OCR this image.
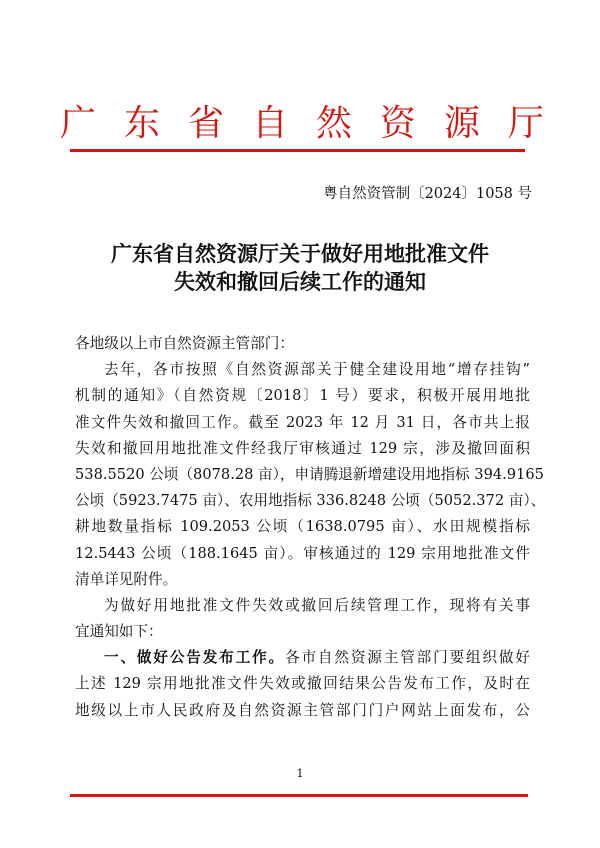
广 东 省 自 然 资 源 厅
粤自然资管制〔2024〕1058 号
广东省自然资源厅关于做好用地批准文件
失效和撤回后续工作的通知
各地级以上市自然资源主管部门：
去年，各市按照《自然资源部关于健全建设用地“增存挂钩”
机制的通知》（自然资规〔2018〕1 号）要求，积极开展用地批
准文件失效和撤回工作。截至 2023 年 12 月 31 日，各市共上报
失效和撤回用地批准文件经我厅审核通过 129 宗，涉及撤回面积
538.5520 公顷（8078.28 亩），申请腾退新增建设用地指标 394.9165
公顷（5923.7475 亩）、农用地指标 336.8248 公顷（5052.372 亩）、
耕地数量指标 109.2053 公顷（1638.0795 亩）、水田规模指标
12.5443 公顷（188.1645 亩）。审核通过的 129 宗用地批准文件
清单详见附件。
为做好用地批准文件失效或撤回后续管理工作，现将有关事
宜通知如下：
一、做好公告发布工作。各市自然资源主管部门要组织做好
上述 129 宗用地批准文件失效或撤回结果公告发布工作，及时在
地级以上市人民政府及自然资源主管部门门户网站上面发布，公
1
